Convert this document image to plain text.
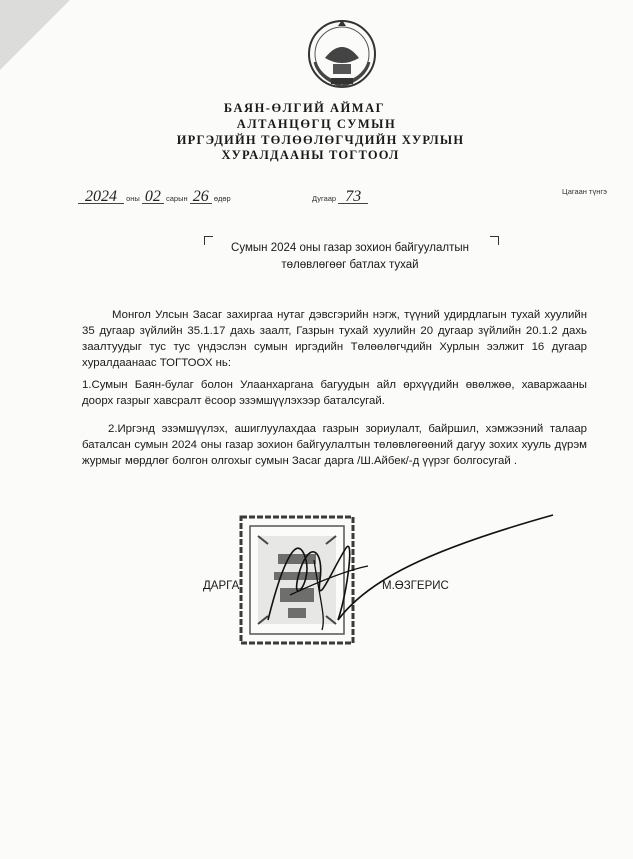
БАЯН-ӨЛГИЙ АЙМАГ
АЛТАНЦӨГЦ СУМЫН
ИРГЭДИЙН ТӨЛӨӨЛӨГЧДИЙН ХУРЛЫН
ХУРАЛДААНЫ ТОГТООЛ
2024 оны 02 сарын 26 өдөр	Дугаар 73	Цагаан түнгэ
Сумын 2024 оны газар зохион байгуулалтын
төлөвлөгөөг батлах тухай
Монгол Улсын Засаг захиргаа нутаг дэвсгэрийн нэгж, түүний удирдлагын тухай хуулийн 35 дугаар зүйлийн 35.1.17 дахь заалт, Газрын тухай хуулийн 20 дугаар зүйлийн 20.1.2 дахь заалтуудыг тус тус үндэслэн сумын иргэдийн Төлөөлөгчдийн Хурлын ээлжит 16 дугаар хуралдаанаас ТОГТООХ нь:
1.Сумын Баян-булаг болон Улаанхаргана багуудын айл өрхүүдийн өвөлжөө, хаваржааны доорх газрыг хавсралт ёсоор эзэмшүүлэхээр баталсугай.
2.Иргэнд эзэмшүүлэх, ашиглуулахдаа газрын зориулалт, байршил, хэмжээний талаар баталсан сумын 2024 оны газар зохион байгуулалтын төлөвлөгөөний дагуу зохих хууль дүрэм журмыг мөрдлөг болгон олгохыг сумын Засаг дарга /Ш.Айбек/-д үүрэг болгосугай .
ДАРГА	М.ӨЗГЕРИС
